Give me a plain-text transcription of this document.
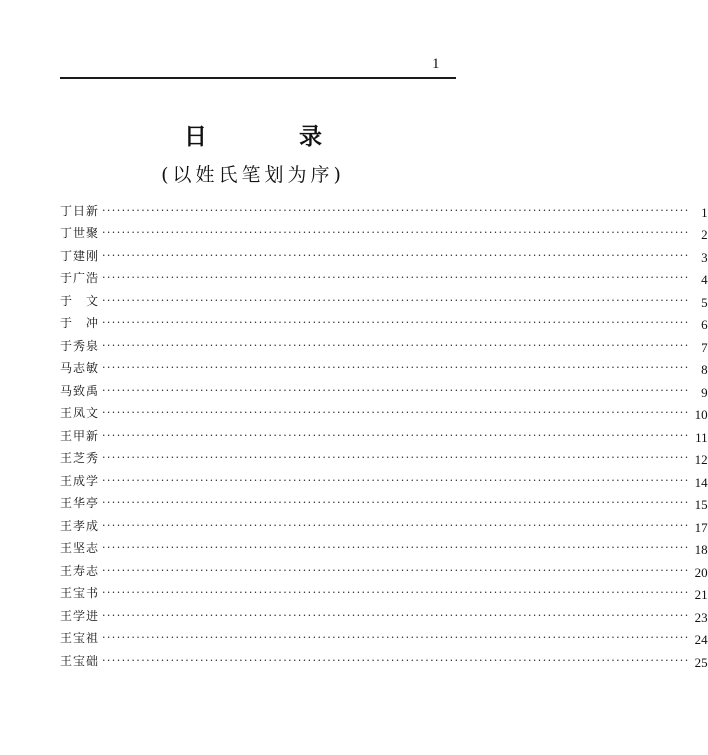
1
日	录
(以姓氏笔划为序)
丁日新 ························································································································ 1
丁世聚 ························································································································ 2
丁建刚 ························································································································ 3
于广浩 ························································································································ 4
于　文 ························································································································ 5
于　冲 ························································································································ 6
于秀泉 ························································································································ 7
马志敏 ························································································································ 8
马致禹 ························································································································ 9
王凤文 ························································································································ 10
王甲新 ························································································································ 11
王芝秀 ························································································································ 12
王成学 ························································································································ 14
王华亭 ························································································································ 15
王孝成 ························································································································ 17
王坚志 ························································································································ 18
王寿志 ························································································································ 20
王宝书 ························································································································ 21
王学进 ························································································································ 23
王宝祖 ························································································································ 24
王宝础 ························································································································ 25
